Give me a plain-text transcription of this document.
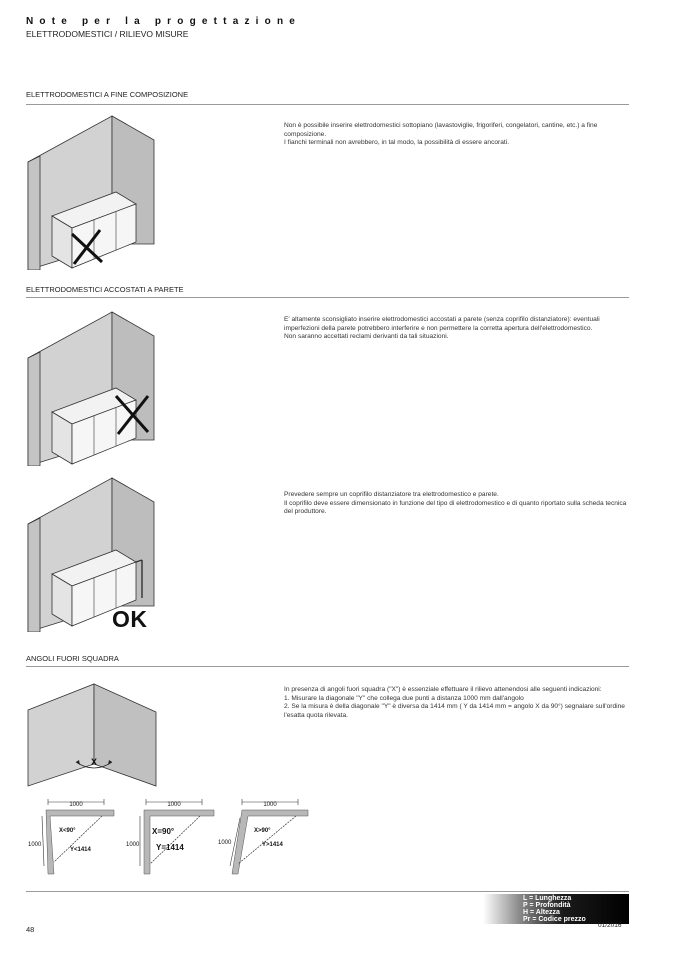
Note per la progettazione
ELETTRODOMESTICI / RILIEVO MISURE
ELETTRODOMESTICI A FINE COMPOSIZIONE

Non è possibile inserire elettrodomestici sottopiano (lavastoviglie, frigoriferi, congelatori, cantine, etc.) a fine composizione.

I fianchi terminali non avrebbero, in tal modo, la possibilità di essere ancorati.

ELETTRODOMESTICI ACCOSTATI A PARETE

E' altamente sconsigliato inserire elettrodomestici accostati a parete (senza coprifilo distanziatore): eventuali imperfezioni della parete potrebbero interferire e non permettere la corretta apertura dell'elettrodomestico.

Non saranno accettati reclami derivanti da tali situazioni.

OK

Prevedere sempre un coprifilo distanziatore tra elettrodomestico e parete.

Il coprifilo deve essere dimensionato in funzione del tipo di elettrodomestico e di quanto riportato sulla scheda tecnica del produttore.

ANGOLI FUORI SQUADRA
X

In presenza di angoli fuori squadra ("X") è essenziale effettuare il rilievo attenendosi alle seguenti indicazioni:

1. Misurare la diagonale "Y" che collega due punti a distanza 1000 mm dall'angolo

2. Se la misura è della diagonale "Y" è diversa da 1414 mm ( Y da 1414 mm = angolo X da 90°) segnalare sull'ordine l'esatta quota rilevata.

1000
1000
X<90°
Y<1414
1000
1000
X=90°
Y=1414
1000
1000
X>90°
Y>1414
L = Lunghezza
P = Profondità
H = Altezza
Pr = Codice prezzo
48	01/2016
